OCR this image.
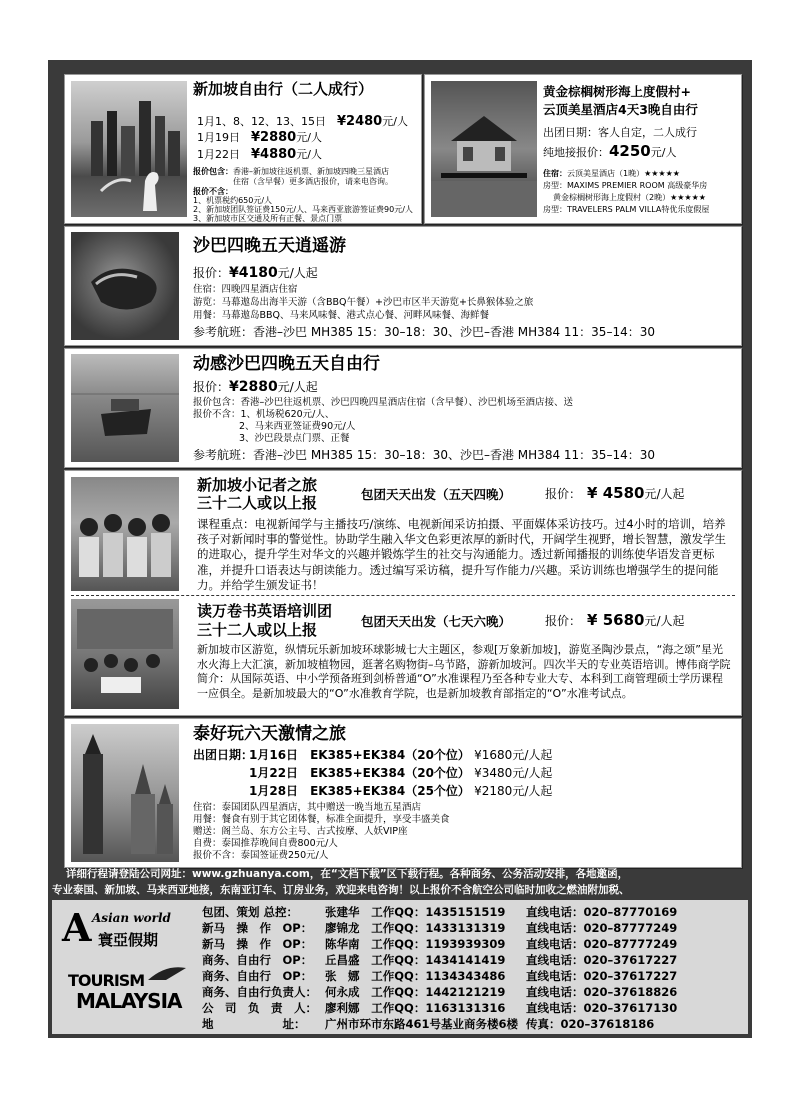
新加坡自由行（二人成行）
1月1、8、12、13、15日　 ¥2480元/人
1月19日　 ¥2880元/人
1月22日　 ¥4880元/人
报价包含：香港–新加坡往返机票、新加坡四晚三星酒店
住宿（含早餐）更多酒店报价，请来电咨询。
报价不含：
1、机票税约650元/人
2、新加坡团队签证费150元/人、马来西亚旅游签证费90元/人
3、新加坡市区交通及所有正餐、景点门票
黄金棕榈树形海上度假村+
云顶美星酒店4天3晚自由行
出团日期：客人自定，二人成行
纯地接报价：4250元/人
住宿：云顶美星酒店（1晚）★★★★★
房型：MAXIMS PREMIER ROOM 高级豪华房
黄金棕榈树形海上度假村（2晚）★★★★★
房型：TRAVELERS PALM VILLA特优乐度假屋
沙巴四晚五天逍遥游
报价：¥4180元/人起
住宿：四晚四星酒店住宿
游览：马幕遨岛出海半天游（含BBQ午餐）+沙巴市区半天游览+长鼻猴体验之旅
用餐：马幕遨岛BBQ、马来风味餐、港式点心餐、河畔风味餐、海鲜餐
参考航班：香港–沙巴 MH385 15：30–18：30、沙巴–香港 MH384 11：35–14：30
动感沙巴四晚五天自由行
报价：¥2880元/人起
报价包含：香港–沙巴往返机票、沙巴四晚四星酒店住宿（含早餐）、沙巴机场至酒店接、送
报价不含：1、机场税620元/人、
2、马来西亚签证费90元/人
3、沙巴段景点门票、正餐
参考航班：香港–沙巴 MH385 15：30–18：30、沙巴–香港 MH384 11：35–14：30
新加坡小记者之旅
三十二人或以上报	包团天天出发（五天四晚）	报价：　 ¥ 4580元/人起
课程重点：电视新闻学与主播技巧/演练、电视新闻采访拍摄、平面媒体采访技巧。过4小时的培训，培养孩子对新闻时事的警觉性。协助学生融入华文色彩更浓厚的新时代，开阔学生视野，增长智慧，激发学生的进取心，提升学生对华文的兴趣并锻炼学生的社交与沟通能力。透过新闻播报的训练使华语发音更标准，并提升口语表达与朗读能力。透过编写采访稿，提升写作能力/兴趣。采访训练也增强学生的提问能力。并给学生颁发证书！
读万卷书英语培训团
三十二人或以上报	包团天天出发（七天六晚）	报价：　 ¥ 5680元/人起
新加坡市区游览，纵情玩乐新加坡环球影城七大主题区，参观[万象新加坡]，游览圣陶沙景点，“海之颂”星光水火海上大汇演，新加坡植物园，逛著名购物街–乌节路，游新加坡河。四次半天的专业英语培训。博伟商学院简介：从国际英语、中小学预备班到剑桥普通“O”水准课程乃至各种专业大专、本科到工商管理硕士学历课程一应俱全。是新加坡最大的“O”水准教育学院，也是新加坡教育部指定的“O”水准考试点。
泰好玩六天激情之旅
出团日期：
1月16日　 EK385+EK384（20个位） ¥1680元/人起
1月22日　 EK385+EK384（20个位） ¥3480元/人起
1月28日　 EK385+EK384（25个位） ¥2180元/人起
住宿：泰国团队四星酒店，其中赠送一晚当地五星酒店
用餐：餐食有别于其它团体餐，标准全面提升，享受丰盛美食
赠送：阁兰岛、东方公主号、古式按摩、人妖VIP座
自费：泰国推荐晚间自费800元/人
报价不含：泰国签证费250元/人
详细行程请登陆公司网址：www.gzhuanya.com，在“文档下载”区下载行程。各种商务、公务活动安排，各地邀函，
专业泰国、新加坡、马来西亚地接，东南亚订车、订房业务，欢迎来电咨询！以上报价不含航空公司临时加收之燃油附加税、
A Asian world
寰亞假期
TOURISM
MALAYSIA
包团、策划 总控：	张建华	工作QQ：1435151519	直线电话：020–87770169
新马　操　作　OP：	廖锦龙	工作QQ：1433131319	直线电话：020–87777249
新马　操　作　OP：	陈华南	工作QQ：1193939309	直线电话：020–87777249
商务、自由行　OP：	丘昌盛	工作QQ：1434141419	直线电话：020–37617227
商务、自由行　OP：	张　娜	工作QQ：1134343486	直线电话：020–37617227
商务、自由行负责人：	何永成	工作QQ：1442121219	直线电话：020–37618826
公　司　负　责　人：	廖利娜	工作QQ：1163131316	直线电话：020–37617130
地　　　　　　址：	广州市环市东路461号基业商务楼6楼		传真：020–37618186
